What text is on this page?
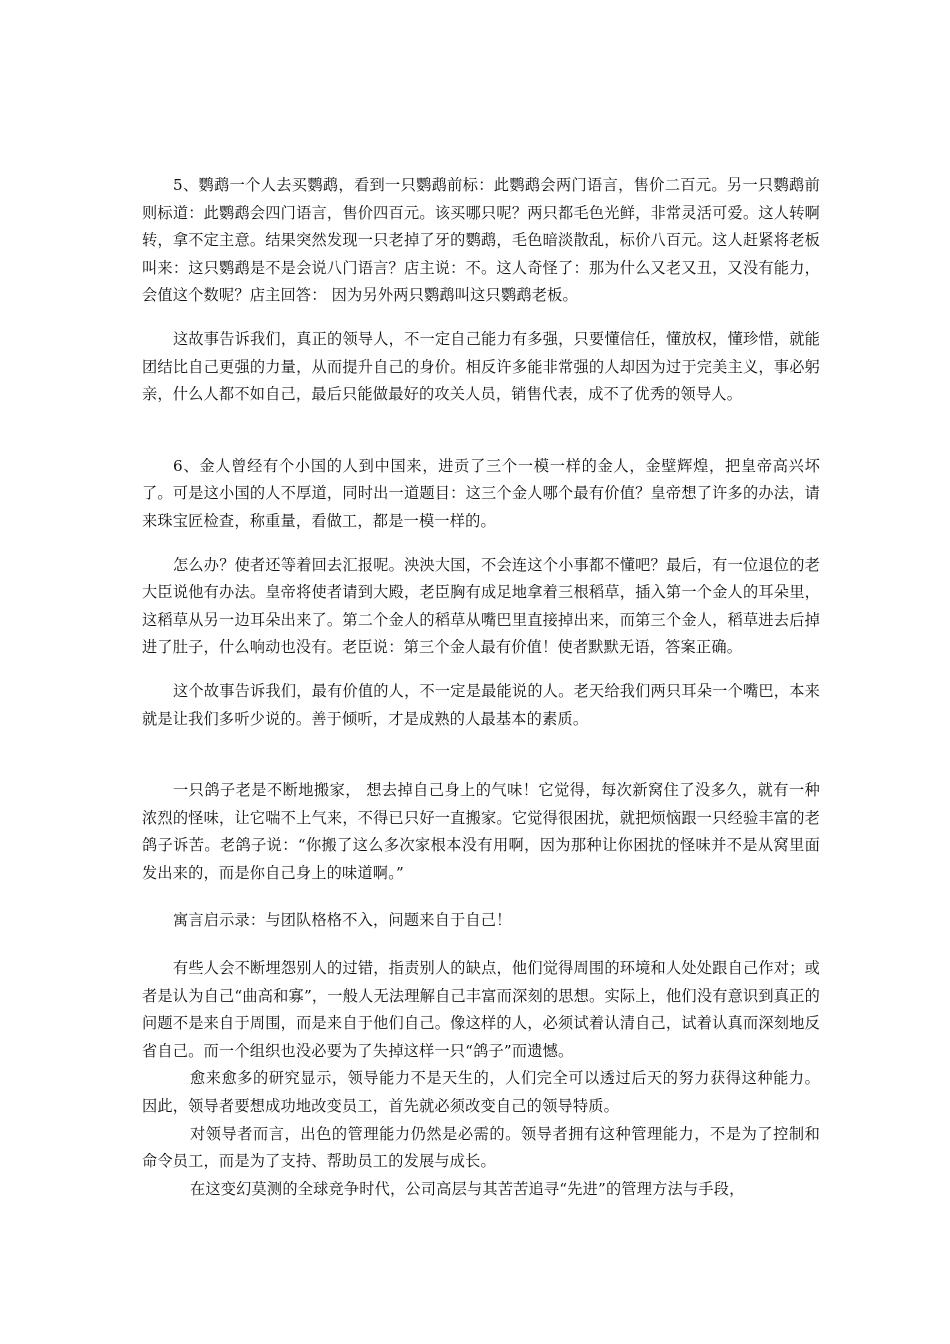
5、鹦鹉一个人去买鹦鹉，看到一只鹦鹉前标：此鹦鹉会两门语言，售价二百元。另一只鹦鹉前则标道：此鹦鹉会四门语言，售价四百元。该买哪只呢？两只都毛色光鲜，非常灵活可爱。这人转啊转，拿不定主意。结果突然发现一只老掉了牙的鹦鹉，毛色暗淡散乱，标价八百元。这人赶紧将老板叫来：这只鹦鹉是不是会说八门语言？店主说：不。这人奇怪了：那为什么又老又丑，又没有能力，会值这个数呢？店主回答： 因为另外两只鹦鹉叫这只鹦鹉老板。

这故事告诉我们，真正的领导人，不一定自己能力有多强，只要懂信任，懂放权，懂珍惜，就能团结比自己更强的力量，从而提升自己的身价。相反许多能非常强的人却因为过于完美主义，事必躬亲，什么人都不如自己，最后只能做最好的攻关人员，销售代表，成不了优秀的领导人。

6、金人曾经有个小国的人到中国来，进贡了三个一模一样的金人，金壁辉煌，把皇帝高兴坏了。可是这小国的人不厚道，同时出一道题目：这三个金人哪个最有价值？皇帝想了许多的办法，请来珠宝匠检查，称重量，看做工，都是一模一样的。

怎么办？使者还等着回去汇报呢。泱泱大国，不会连这个小事都不懂吧？最后，有一位退位的老大臣说他有办法。皇帝将使者请到大殿，老臣胸有成足地拿着三根稻草，插入第一个金人的耳朵里，这稻草从另一边耳朵出来了。第二个金人的稻草从嘴巴里直接掉出来，而第三个金人，稻草进去后掉进了肚子，什么响动也没有。老臣说：第三个金人最有价值！使者默默无语，答案正确。

这个故事告诉我们，最有价值的人，不一定是最能说的人。老天给我们两只耳朵一个嘴巴，本来就是让我们多听少说的。善于倾听，才是成熟的人最基本的素质。

一只鸽子老是不断地搬家， 想去掉自己身上的气味！它觉得，每次新窝住了没多久，就有一种浓烈的怪味，让它喘不上气来，不得已只好一直搬家。它觉得很困扰，就把烦恼跟一只经验丰富的老鸽子诉苦。老鸽子说：“你搬了这么多次家根本没有用啊，因为那种让你困扰的怪味并不是从窝里面发出来的，而是你自己身上的味道啊。”

寓言启示录：与团队格格不入，问题来自于自己！

有些人会不断埋怨别人的过错，指责别人的缺点，他们觉得周围的环境和人处处跟自己作对；或者是认为自己“曲高和寡”，一般人无法理解自己丰富而深刻的思想。实际上，他们没有意识到真正的问题不是来自于周围，而是来自于他们自己。像这样的人，必须试着认清自己，试着认真而深刻地反省自己。而一个组织也没必要为了失掉这样一只“鸽子”而遗憾。

愈来愈多的研究显示，领导能力不是天生的，人们完全可以透过后天的努力获得这种能力。因此，领导者要想成功地改变员工，首先就必须改变自己的领导特质。

对领导者而言，出色的管理能力仍然是必需的。领导者拥有这种管理能力，不是为了控制和命令员工，而是为了支持、帮助员工的发展与成长。

在这变幻莫测的全球竞争时代，公司高层与其苦苦追寻“先进”的管理方法与手段，
